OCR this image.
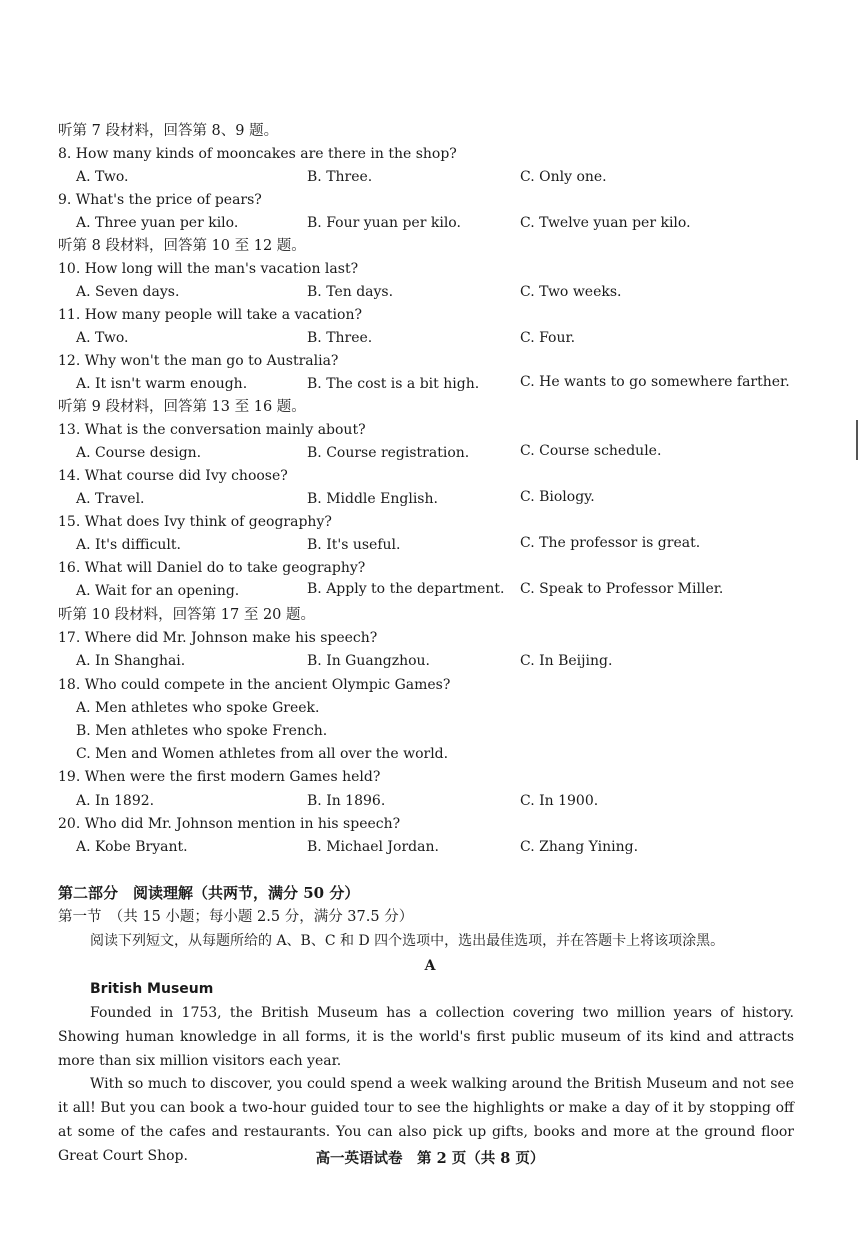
听第 7 段材料，回答第 8、9 题。
8. How many kinds of mooncakes are there in the shop?
A. Two.	B. Three.	C. Only one.
9. What's the price of pears?
A. Three yuan per kilo.	B. Four yuan per kilo.	C. Twelve yuan per kilo.
听第 8 段材料，回答第 10 至 12 题。
10. How long will the man's vacation last?
A. Seven days.	B. Ten days.	C. Two weeks.
11. How many people will take a vacation?
A. Two.	B. Three.	C. Four.
12. Why won't the man go to Australia?
A. It isn't warm enough.	B. The cost is a bit high.	C. He wants to go somewhere farther.
听第 9 段材料，回答第 13 至 16 题。
13. What is the conversation mainly about?
A. Course design.	B. Course registration.	C. Course schedule.
14. What course did Ivy choose?
A. Travel.	B. Middle English.	C. Biology.
15. What does Ivy think of geography?
A. It's difficult.	B. It's useful.	C. The professor is great.
16. What will Daniel do to take geography?
A. Wait for an opening.	B. Apply to the department. C. Speak to Professor Miller.
听第 10 段材料，回答第 17 至 20 题。
17. Where did Mr. Johnson make his speech?
A. In Shanghai.	B. In Guangzhou.	C. In Beijing.
18. Who could compete in the ancient Olympic Games?
A. Men athletes who spoke Greek.
B. Men athletes who spoke French.
C. Men and Women athletes from all over the world.
19. When were the first modern Games held?
A. In 1892.	B. In 1896.	C. In 1900.
20. Who did Mr. Johnson mention in his speech?
A. Kobe Bryant.	B. Michael Jordan.	C. Zhang Yining.
第二部分　阅读理解（共两节，满分 50 分）
第一节　（共 15 小题；每小题 2.5 分，满分 37.5 分）
阅读下列短文，从每题所给的 A、B、C 和 D 四个选项中，选出最佳选项，并在答题卡上将该项涂黑。
A
British Museum
Founded in 1753, the British Museum has a collection covering two million years of history. Showing human knowledge in all forms, it is the world's first public museum of its kind and attracts more than six million visitors each year.
With so much to discover, you could spend a week walking around the British Museum and not see it all! But you can book a two-hour guided tour to see the highlights or make a day of it by stopping off at some of the cafes and restaurants. You can also pick up gifts, books and more at the ground floor Great Court Shop.	高一英语试卷　第 2 页（共 8 页）
